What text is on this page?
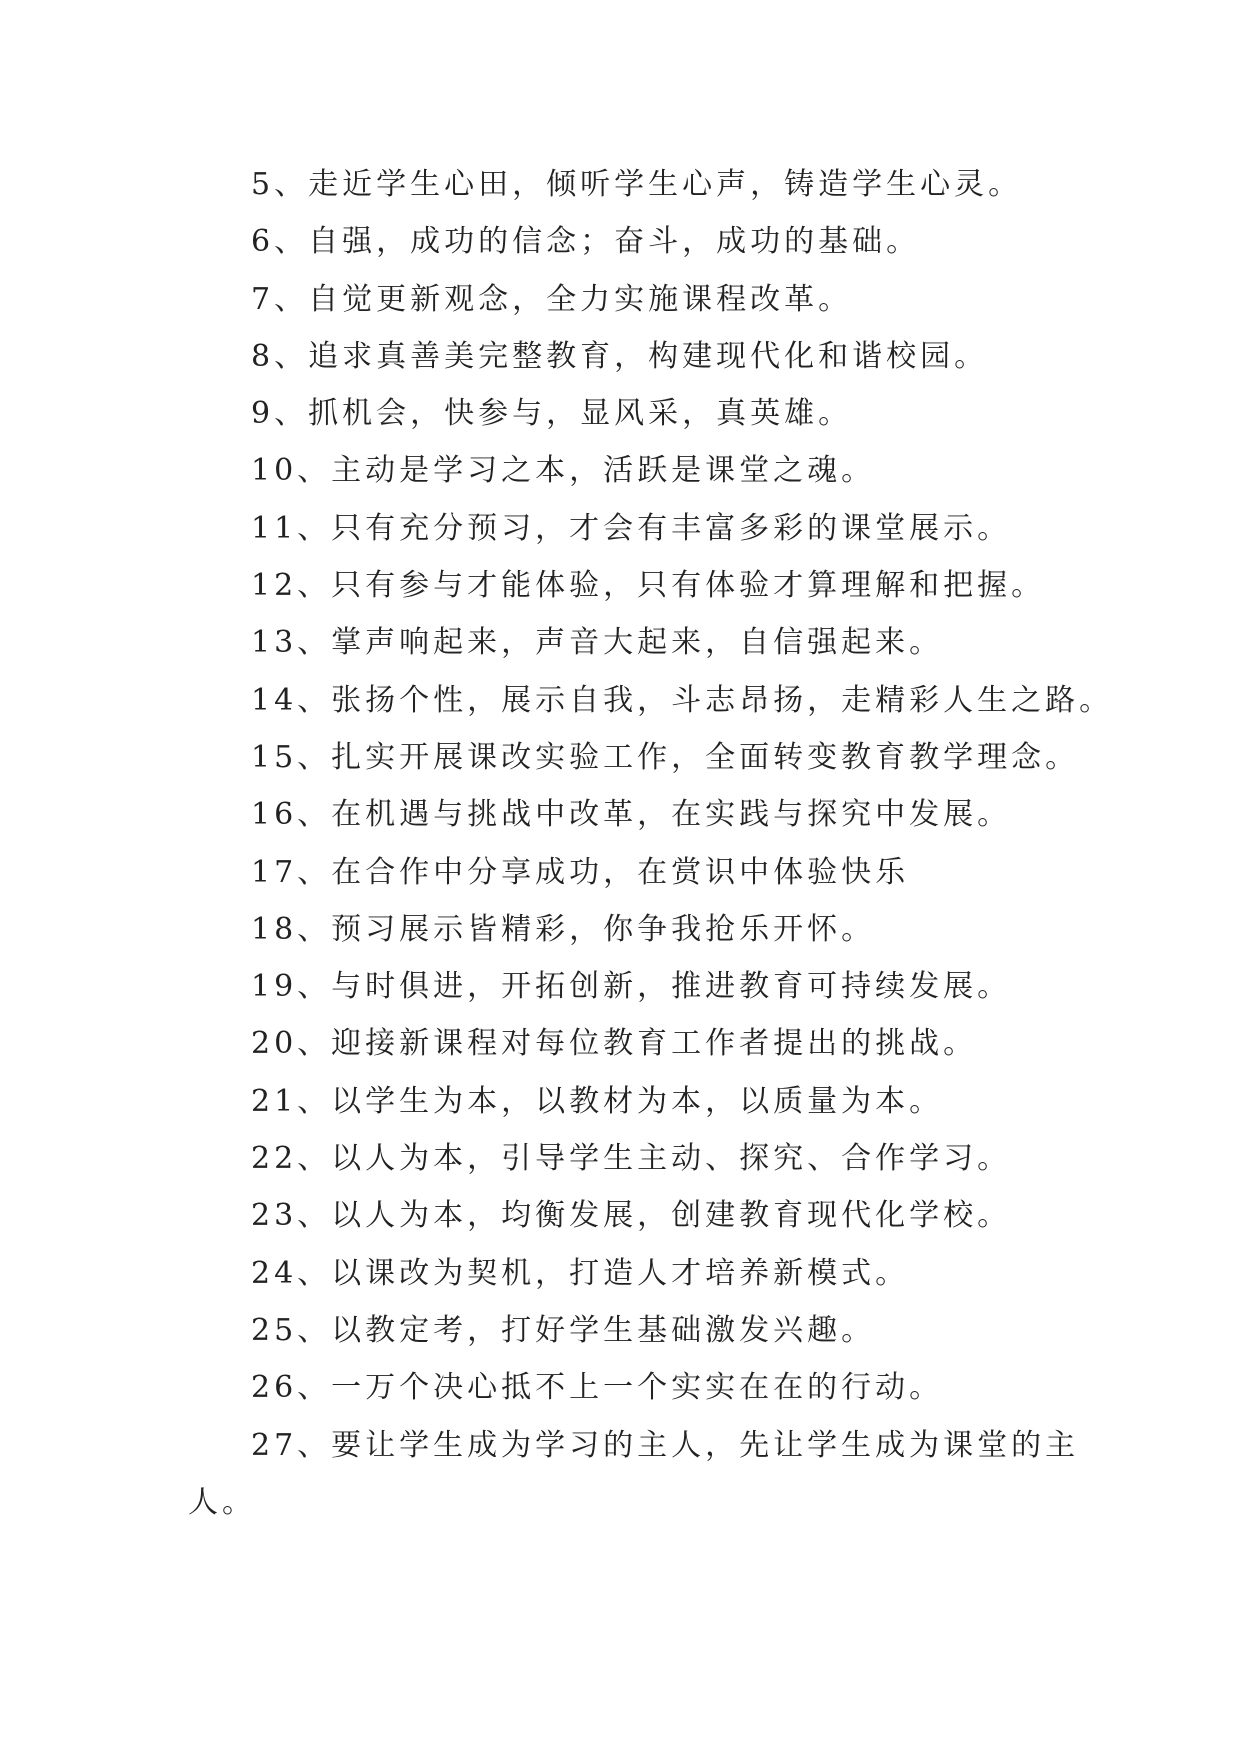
5、走近学生心田，倾听学生心声，铸造学生心灵。
6、自强，成功的信念；奋斗，成功的基础。
7、自觉更新观念，全力实施课程改革。
8、追求真善美完整教育，构建现代化和谐校园。
9、抓机会，快参与，显风采，真英雄。
10、主动是学习之本，活跃是课堂之魂。
11、只有充分预习，才会有丰富多彩的课堂展示。
12、只有参与才能体验，只有体验才算理解和把握。
13、掌声响起来，声音大起来，自信强起来。
14、张扬个性，展示自我，斗志昂扬，走精彩人生之路。
15、扎实开展课改实验工作，全面转变教育教学理念。
16、在机遇与挑战中改革，在实践与探究中发展。
17、在合作中分享成功，在赏识中体验快乐
18、预习展示皆精彩，你争我抢乐开怀。
19、与时俱进，开拓创新，推进教育可持续发展。
20、迎接新课程对每位教育工作者提出的挑战。
21、以学生为本，以教材为本，以质量为本。
22、以人为本，引导学生主动、探究、合作学习。
23、以人为本，均衡发展，创建教育现代化学校。
24、以课改为契机，打造人才培养新模式。
25、以教定考，打好学生基础激发兴趣。
26、一万个决心抵不上一个实实在在的行动。
27、要让学生成为学习的主人，先让学生成为课堂的主
人。
